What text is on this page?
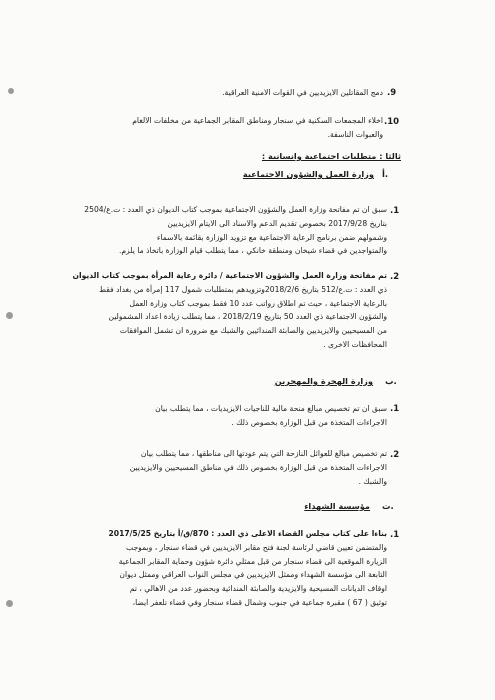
.9
دمج المقاتلين الايزيديين في القوات الامنية العراقية.
.10
اخلاء المجمعات السكنية في سنجار ومناطق المقابر الجماعية من مخلفات الالغام
والعبوات الناسفة.
ثالثا : متطلبات اجتماعية وانسانية :
أ.
وزارة العمل والشؤون الاجتماعية
.1
سبق ان تم مفاتحة وزارة العمل والشؤون الاجتماعية بموجب كتاب الديوان ذي العدد : ت.ع/2504
بتاريخ 2017/9/28 بخصوص تقديم الدعم والاسناد الى الايتام الايزيديين
وشمولهم ضمن برنامج الرعاية الاجتماعية مع تزويد الوزارة بقائمة بالاسماء
والمتواجدين في قضاء شيخان ومنطقة خانكي ، مما يتطلب قيام الوزارة باتخاذ ما يلزم.
.2
تم مفاتحة وزارة العمل والشؤون الاجتماعية / دائرة رعاية المرأة بموجب كتاب الديوان
ذي العدد : ت.ع/512 بتاريخ 2018/2/6وتزويدهم بمتطلبات شمول 117 إمرأة من بغداد فقط
بالرعاية الاجتماعية ، حيث تم اطلاق رواتب عدد 10 فقط بموجب كتاب وزارة العمل
والشؤون الاجتماعية ذي العدد 50 بتاريخ 2018/2/19 ، مما يتطلب زيادة اعداد المشمولين
من المسيحيين والايزيديين والصابئة المندائيين والشبك مع ضرورة ان تشمل الموافقات
المحافظات الاخرى .
ب.
وزارة الهجرة والمهجرين
.1
سبق ان تم تخصيص مبالغ منحة مالية للناجيات الايزيديات ، مما يتطلب بيان
الاجراءات المتخذة من قبل الوزارة بخصوص ذلك .
.2
تم تخصيص مبالغ للعوائل النازحة التي يتم عودتها الى مناطقها ، مما يتطلب بيان
الاجراءات المتخذة من قبل الوزارة بخصوص ذلك في مناطق المسيحيين والايزيديين
والشبك .
ت.
مؤسسة الشهداء
.1
بناءا على كتاب مجلس القضاء الاعلى ذي العدد : 870/ق/أ بتاريخ 2017/5/25
والمتضمن تعيين قاضي لرئاسة لجنة فتح مقابر الايزيديين في قضاء سنجار ، وبموجب
الزيارة الموقعية الى قضاء سنجار من قبل ممثلي دائرة شؤون وحماية المقابر الجماعية
التابعة الى مؤسسة الشهداء وممثل الايزيديين في مجلس النواب العراقي وممثل ديوان
اوقاف الديانات المسيحية والايزيدية والصابئة المندائية وبحضور عدد من الاهالي ، تم
توثيق ( 67 ) مقبرة جماعية في جنوب وشمال قضاء سنجار وفي قضاء تلعفر ايضا،
